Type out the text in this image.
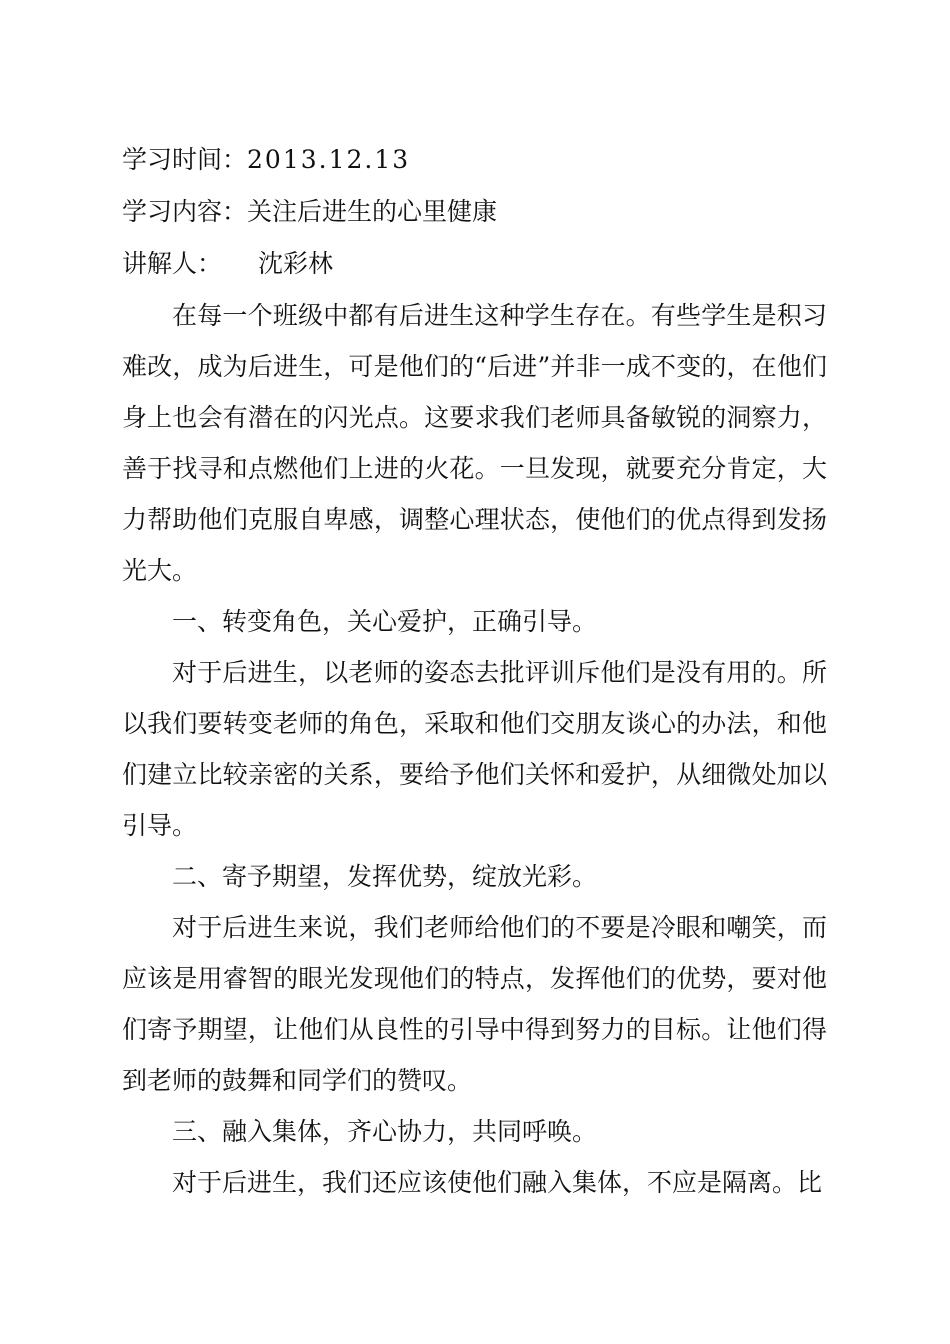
学习时间：2013.12.13
学习内容：关注后进生的心里健康
讲解人： 沈彩林

在每一个班级中都有后进生这种学生存在。有些学生是积习难改，成为后进生，可是他们的“后进”并非一成不变的，在他们身上也会有潜在的闪光点。这要求我们老师具备敏锐的洞察力，善于找寻和点燃他们上进的火花。一旦发现，就要充分肯定，大力帮助他们克服自卑感，调整心理状态，使他们的优点得到发扬光大。

一、转变角色，关心爱护，正确引导。

对于后进生，以老师的姿态去批评训斥他们是没有用的。所以我们要转变老师的角色，采取和他们交朋友谈心的办法，和他们建立比较亲密的关系，要给予他们关怀和爱护，从细微处加以引导。

二、寄予期望，发挥优势，绽放光彩。

对于后进生来说，我们老师给他们的不要是冷眼和嘲笑，而应该是用睿智的眼光发现他们的特点，发挥他们的优势，要对他们寄予期望，让他们从良性的引导中得到努力的目标。让他们得到老师的鼓舞和同学们的赞叹。

三、融入集体，齐心协力，共同呼唤。

对于后进生，我们还应该使他们融入集体，不应是隔离。比
